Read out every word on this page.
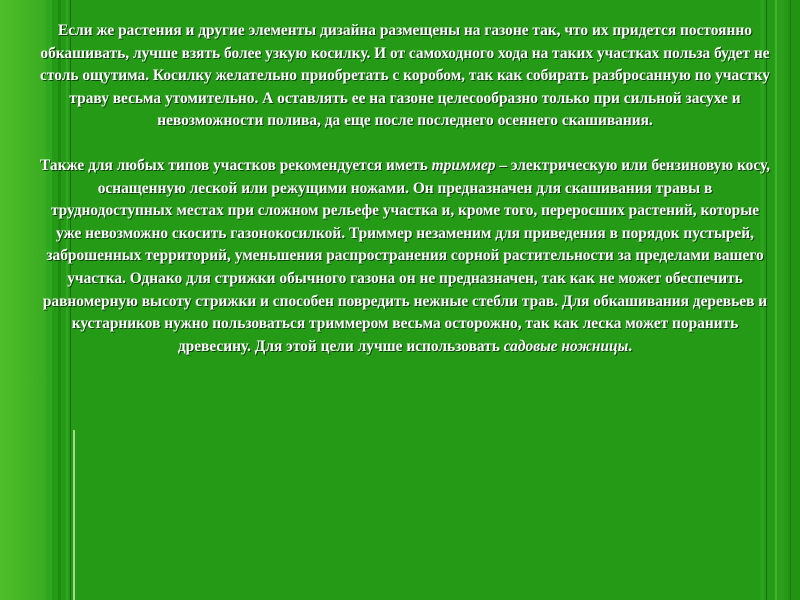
Если же растения и другие элементы дизайна размещены на газоне так, что их придется постоянно обкашивать, лучше взять более узкую косилку. И от самоходного хода на таких участках польза будет не столь ощутима. Косилку желательно приобретать с коробом, так как собирать разбросанную по участку траву весьма утомительно. А оставлять ее на газоне целесообразно только при сильной засухе и невозможности полива, да еще после последнего осеннего скашивания.

Также для любых типов участков рекомендуется иметь триммер – электрическую или бензиновую косу, оснащенную леской или режущими ножами. Он предназначен для скашивания травы в труднодоступных местах при сложном рельефе участка и, кроме того, переросших растений, которые уже невозможно скосить газонокосилкой. Триммер незаменим для приведения в порядок пустырей, заброшенных территорий, уменьшения распространения сорной растительности за пределами вашего участка. Однако для стрижки обычного газона он не предназначен, так как не может обеспечить равномерную высоту стрижки и способен повредить нежные стебли трав. Для обкашивания деревьев и кустарников нужно пользоваться триммером весьма осторожно, так как леска может поранить древесину. Для этой цели лучше использовать садовые ножницы.
